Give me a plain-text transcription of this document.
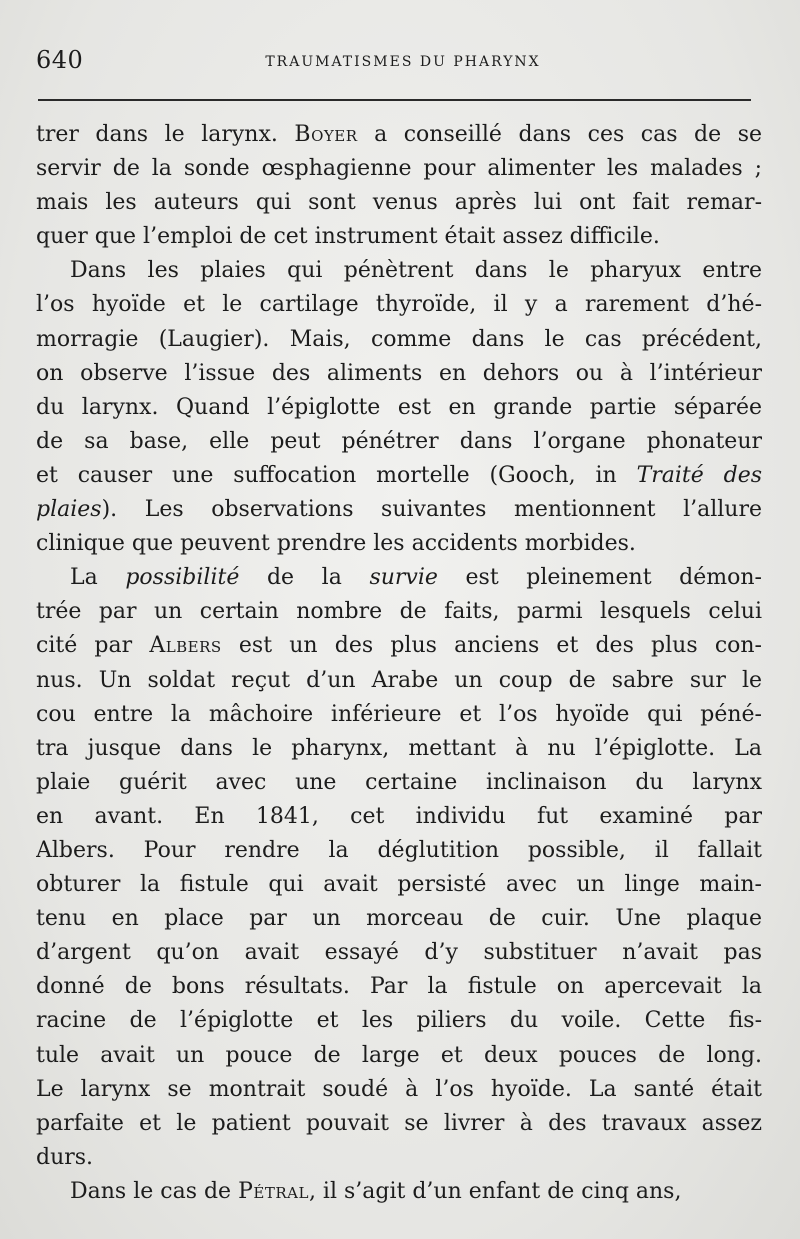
640	TRAUMATISMES DU PHARYNX
trer dans le larynx. Boyer a conseillé dans ces cas de se
servir de la sonde œsphagienne pour alimenter les malades ;
mais les auteurs qui sont venus après lui ont fait remar-
quer que l’emploi de cet instrument était assez difficile.
Dans les plaies qui pénètrent dans le pharyux entre
l’os hyoïde et le cartilage thyroïde, il y a rarement d’hé-
morragie (Laugier). Mais, comme dans le cas précédent,
on observe l’issue des aliments en dehors ou à l’intérieur
du larynx. Quand l’épiglotte est en grande partie séparée
de sa base, elle peut pénétrer dans l’organe phonateur
et causer une suffocation mortelle (Gooch, in Traité des
plaies). Les observations suivantes mentionnent l’allure
clinique que peuvent prendre les accidents morbides.
La possibilité de la survie est pleinement démon-
trée par un certain nombre de faits, parmi lesquels celui
cité par Albers est un des plus anciens et des plus con-
nus. Un soldat reçut d’un Arabe un coup de sabre sur le
cou entre la mâchoire inférieure et l’os hyoïde qui péné-
tra jusque dans le pharynx, mettant à nu l’épiglotte. La
plaie guérit avec une certaine inclinaison du larynx
en avant. En 1841, cet individu fut examiné par
Albers. Pour rendre la déglutition possible, il fallait
obturer la fistule qui avait persisté avec un linge main-
tenu en place par un morceau de cuir. Une plaque
d’argent qu’on avait essayé d’y substituer n’avait pas
donné de bons résultats. Par la fistule on apercevait la
racine de l’épiglotte et les piliers du voile. Cette fis-
tule avait un pouce de large et deux pouces de long.
Le larynx se montrait soudé à l’os hyoïde. La santé était
parfaite et le patient pouvait se livrer à des travaux assez
durs.
Dans le cas de Pétral, il s’agit d’un enfant de cinq ans,
